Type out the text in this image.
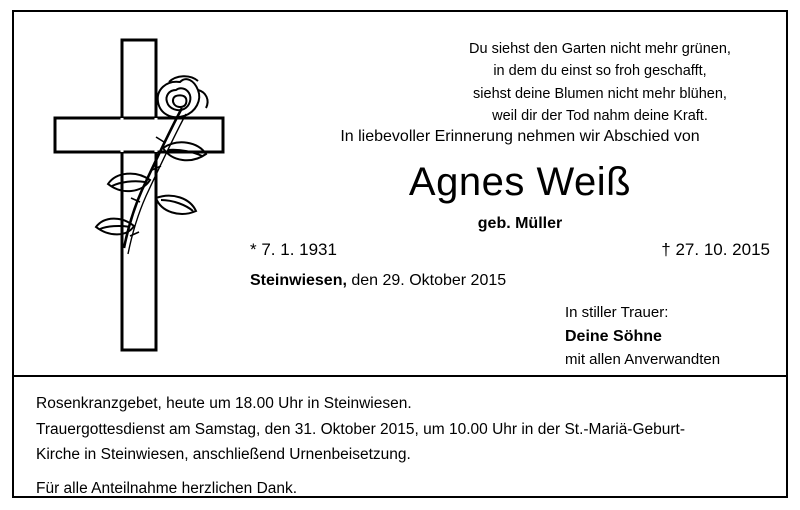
Du siehst den Garten nicht mehr grünen,
in dem du einst so froh geschafft,
siehst deine Blumen nicht mehr blühen,
weil dir der Tod nahm deine Kraft.
In liebevoller Erinnerung nehmen wir Abschied von
Agnes Weiß
geb. Müller
* 7. 1. 1931	† 27. 10. 2015
Steinwiesen, den 29. Oktober 2015
In stiller Trauer:
Deine Söhne
mit allen Anverwandten

Rosenkranzgebet, heute um 18.00 Uhr in Steinwiesen.

Trauergottesdienst am Samstag, den 31. Oktober 2015, um 10.00 Uhr in der St.-Mariä-Geburt-

Kirche in Steinwiesen, anschließend Urnenbeisetzung.

Für alle Anteilnahme herzlichen Dank.
